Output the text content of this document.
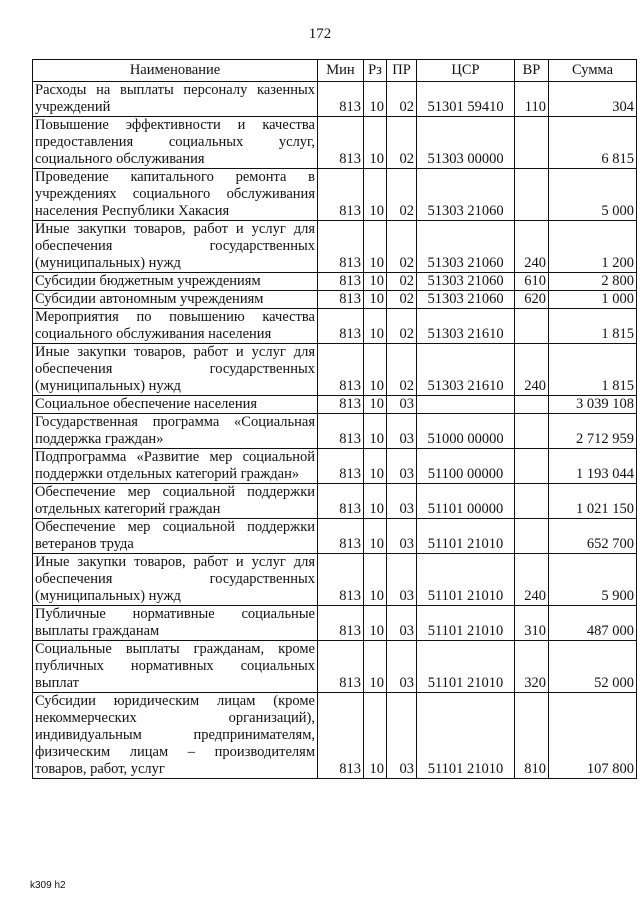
172
Наименование	Мин	Рз	ПР	ЦСР	ВР	Сумма
Расходы на выплаты персоналу казенных учреждений	813	10	02	51301 59410	110	304
Повышение эффективности и качества предоставления социальных услуг, социального обслуживания	813	10	02	51303 00000		6 815
Проведение капитального ремонта в учреждениях социального обслуживания населения Республики Хакасия	813	10	02	51303 21060		5 000
Иные закупки товаров, работ и услуг для обеспечения государственных (муниципальных) нужд	813	10	02	51303 21060	240	1 200
Субсидии бюджетным учреждениям	813	10	02	51303 21060	610	2 800
Субсидии автономным учреждениям	813	10	02	51303 21060	620	1 000
Мероприятия по повышению качества социального обслуживания населения	813	10	02	51303 21610		1 815
Иные закупки товаров, работ и услуг для обеспечения государственных (муниципальных) нужд	813	10	02	51303 21610	240	1 815
Социальное обеспечение населения	813	10	03			3 039 108
Государственная программа «Социальная поддержка граждан»	813	10	03	51000 00000		2 712 959
Подпрограмма «Развитие мер социальной поддержки отдельных категорий граждан»	813	10	03	51100 00000		1 193 044
Обеспечение мер социальной поддержки отдельных категорий граждан	813	10	03	51101 00000		1 021 150
Обеспечение мер социальной поддержки ветеранов труда	813	10	03	51101 21010		652 700
Иные закупки товаров, работ и услуг для обеспечения государственных (муниципальных) нужд	813	10	03	51101 21010	240	5 900
Публичные нормативные социальные выплаты гражданам	813	10	03	51101 21010	310	487 000
Социальные выплаты гражданам, кроме публичных нормативных социальных выплат	813	10	03	51101 21010	320	52 000
Субсидии юридическим лицам (кроме некоммерческих организаций), индивидуальным предпринимателям, физическим лицам – производителям товаров, работ, услуг	813	10	03	51101 21010	810	107 800
k309 h2
